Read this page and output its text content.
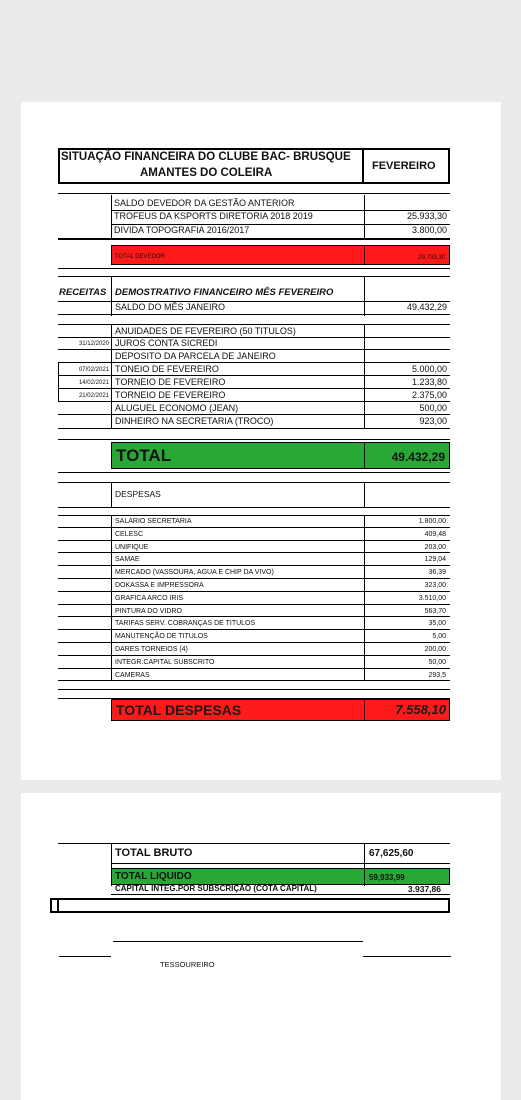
SITUAÇÃO FINANCEIRA DO CLUBE BAC- BRUSQUE
AMANTES DO COLEIRA
FEVEREIRO
SALDO DEVEDOR DA GESTÃO ANTERIOR
TROFEUS DA KSPORTS DIRETORIA 2018 2019	25.933,30
DIVIDA TOPOGRAFIA 2016/2017	3.800,00
TOTAL DEVEDOR	29.733,30
RECEITAS DEMOSTRATIVO FINANCEIRO MÊS FEVEREIRO
SALDO DO MÊS JANEIRO	49.432,29
ANUIDADES DE FEVEREIRO (50 TITULOS)
31/12/2020 JUROS CONTA SICREDI
DEPOSITO DA PARCELA DE JANEIRO
07/02/2021 TONEIO DE FEVEREIRO	5.000,00
14/02/2021 TORNEIO DE FEVEREIRO	1.233,80
21/02/2021 TORNEIO DE FEVEREIRO	2.375,00
ALUGUEL ECONOMO (JEAN)	500,00
DINHEIRO NA SECRETARIA (TROCO)	923,00
TOTAL	49.432,29
DESPESAS
SALARIO SECRETARIA	1.800,00
CELESC	409,48
UNIFIQUE	203,00
SAMAE	129,04
MERCADO (VASSOURA, AGUA E CHIP DA VIVO)	36,39
DOKASSA E IMPRESSORA	323,00
GRAFICA ARCO IRIS	3.510,00
PINTURA DO VIDRO	563,70
TARIFAS SERV. COBRANÇAS DE TITULOS	35,00
MANUTENÇÃO DE TITULOS	5,00
DARES TORNEIOS (4)	200,00
INTEGR.CAPITAL SUBSCRITO	50,00
CAMERAS	293,5
TOTAL DESPESAS	7.558,10
TOTAL BRUTO	67,625,60
TOTAL LIQUIDO	59,933,99
CAPITAL INTEG.POR SUBSCRIÇÃO (COTA CAPITAL)	3.937,86
TESSOUREIRO
